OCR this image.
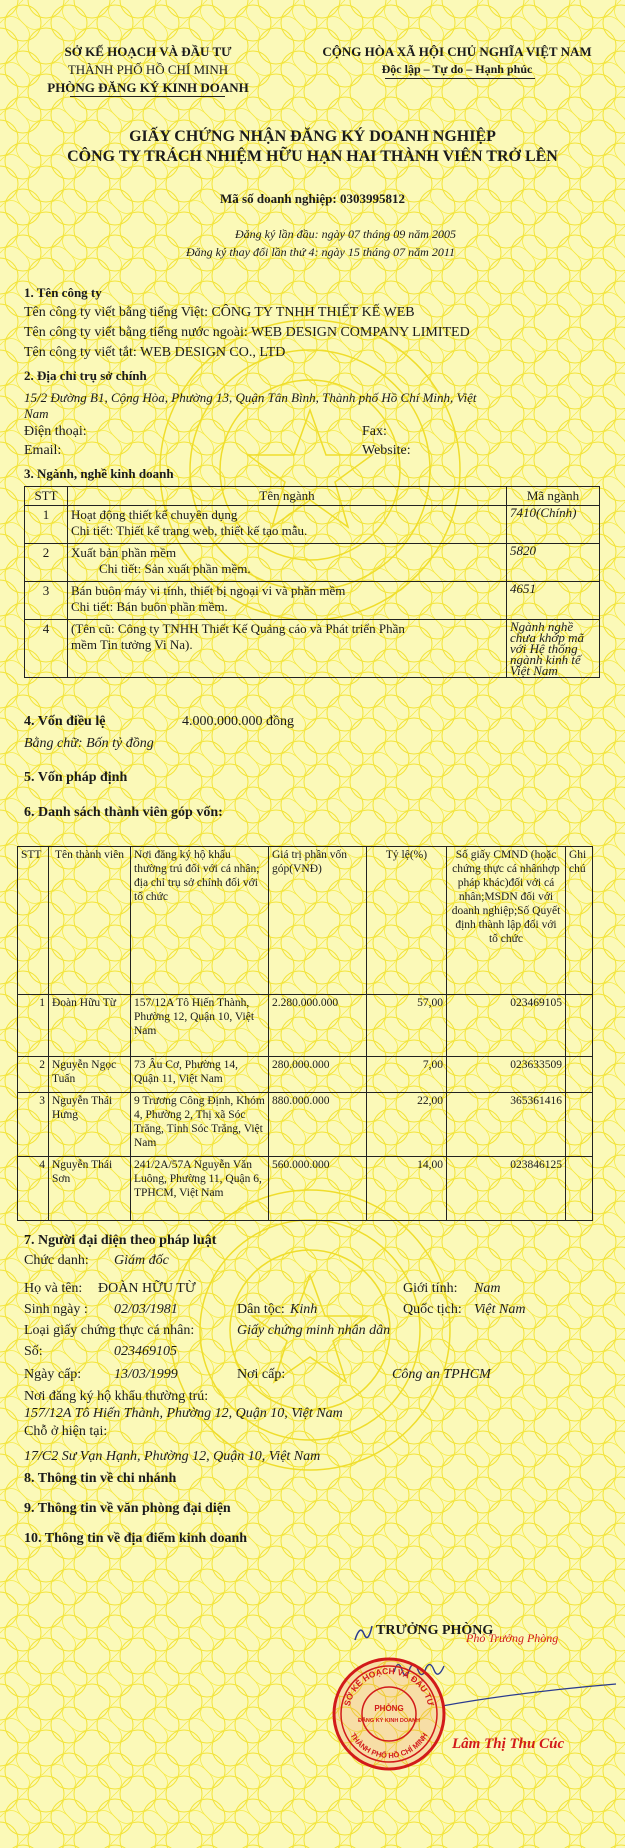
SỞ KẾ HOẠCH VÀ ĐẦU TƯ
THÀNH PHỐ HỒ CHÍ MINH
PHÒNG ĐĂNG KÝ KINH DOANH
CỘNG HÒA XÃ HỘI CHỦ NGHĨA VIỆT NAM
Độc lập – Tự do – Hạnh phúc
GIẤY CHỨNG NHẬN ĐĂNG KÝ DOANH NGHIỆP
CÔNG TY TRÁCH NHIỆM HỮU HẠN HAI THÀNH VIÊN TRỞ LÊN
Mã số doanh nghiệp: 0303995812
Đăng ký lần đầu: ngày 07 tháng 09 năm 2005
Đăng ký thay đổi lần thứ 4: ngày 15 tháng 07 năm 2011
1. Tên công ty
Tên công ty viết bằng tiếng Việt: CÔNG TY TNHH THIẾT KẾ WEB
Tên công ty viết bằng tiếng nước ngoài: WEB DESIGN COMPANY LIMITED
Tên công ty viết tắt: WEB DESIGN CO., LTD
2. Địa chỉ trụ sở chính
15/2 Đường B1, Cộng Hòa, Phường 13, Quận Tân Bình, Thành phố Hồ Chí Minh, Việt
Nam
Điện thoại:	Fax:
Email:	Website:
3. Ngành, nghề kinh doanh
STT	Tên ngành	Mã ngành
1	Hoạt động thiết kế chuyên dụng
Chi tiết: Thiết kế trang web, thiết kế tạo mẫu.	7410(Chính)
2	Xuất bản phần mềm
Chi tiết: Sản xuất phần mềm.	5820
3	Bán buôn máy vi tính, thiết bị ngoại vi và phần mềm
Chi tiết: Bán buôn phần mềm.	4651
4	(Tên cũ: Công ty TNHH Thiết Kế Quảng cáo và Phát triển Phần
mềm Tin tưởng Vi Na).	Ngành nghề chưa khớp mã với Hệ thống ngành kinh tế Việt Nam
4. Vốn điều lệ	4.000.000.000 đồng
Bằng chữ: Bốn tỷ đồng
5. Vốn pháp định
6. Danh sách thành viên góp vốn:
STT	Tên thành viên	Nơi đăng ký hộ khẩu thường trú đối với cá nhân; địa chỉ trụ sở chính đối với tổ chức	Giá trị phần vốn góp(VNĐ)	Tỷ lệ(%)	Số giấy CMND (hoặc chứng thực cá nhânhợp pháp khác)đối với cá nhân;MSDN đối với doanh nghiệp;Số Quyết định thành lập đối với tổ chức	Ghi chú
1	Đoàn Hữu Từ	157/12A Tô Hiến Thành, Phường 12, Quận 10, Việt Nam	2.280.000.000	57,00	023469105	
2	Nguyễn Ngọc Tuấn	73 Âu Cơ, Phường 14, Quận 11, Việt Nam	280.000.000	7,00	023633509	
3	Nguyễn Thái Hưng	9 Trương Công Định, Khóm 4, Phường 2, Thị xã Sóc Trăng, Tỉnh Sóc Trăng, Việt Nam	880.000.000	22,00	365361416	
4	Nguyễn Thái Sơn	241/2A/57A Nguyễn Văn Luông, Phường 11, Quận 6, TPHCM, Việt Nam	560.000.000	14,00	023846125	
7. Người đại diện theo pháp luật
Chức danh: Giám đốc
Họ và tên: ĐOÀN HỮU TỪ	Giới tính: Nam
Sinh ngày : 02/03/1981	Dân tộc: Kinh	Quốc tịch: Việt Nam
Loại giấy chứng thực cá nhân:	Giấy chứng minh nhân dân
Số:	023469105
Ngày cấp: 13/03/1999	Nơi cấp:	Công an TPHCM
Nơi đăng ký hộ khẩu thường trú:
157/12A Tô Hiến Thành, Phường 12, Quận 10, Việt Nam
Chỗ ở hiện tại:
17/C2 Sư Vạn Hạnh, Phường 12, Quận 10, Việt Nam
8. Thông tin về chi nhánh
9. Thông tin về văn phòng đại diện
10. Thông tin về địa điểm kinh doanh
TRƯỞNG PHÒNG
Phó Trưởng Phòng
SỞ KẾ HOẠCH VÀ ĐẦU TƯ
THÀNH PHỐ HỒ CHÍ MINH
PHÒNG
ĐĂNG KÝ KINH DOANH
Lâm Thị Thu Cúc
